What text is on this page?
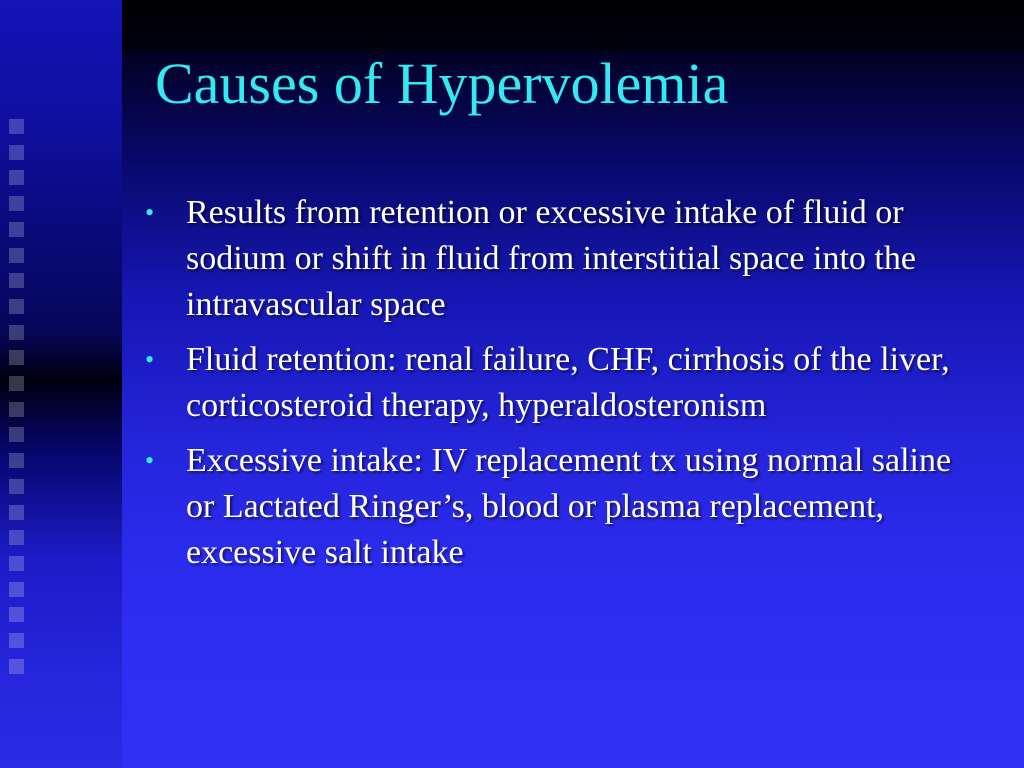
Causes of Hypervolemia
• Results from retention or excessive intake of fluid or sodium or shift in fluid from interstitial space into the intravascular space
• Fluid retention: renal failure, CHF, cirrhosis of the liver, corticosteroid therapy, hyperaldosteronism
• Excessive intake: IV replacement tx using normal saline or Lactated Ringer’s, blood or plasma replacement, excessive salt intake
